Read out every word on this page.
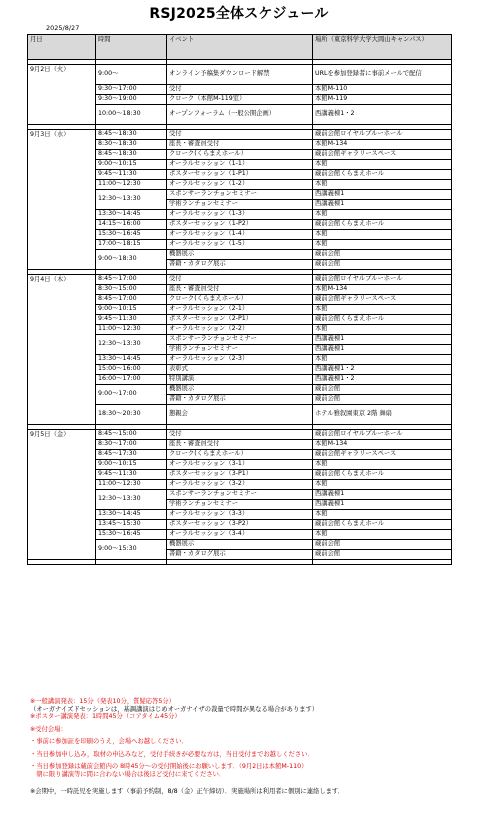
RSJ2025全体スケジュール
2025/8/27
月日	時間	イベント	場所（東京科学大学大岡山キャンパス）

9月2日（火）	9:00～	オンライン予稿集ダウンロード解禁	URLを参加登録者に事前メールで配信
	9:30～17:00	受付	本館M-110
	9:30～19:00	クローク（本館M-119室）	本館M-119
	10:00～18:30	オープンフォーラム（一般公開企画）	西講義棟1・2

9月3日（水）	8:45～18:30	受付	蔵前会館ロイヤルブルーホール
	8:30～18:30	座長・審査員受付	本館M-134
	8:45～18:30	クローク(くらまえホール）	蔵前会館ギャラリースペース
	9:00～10:15	オーラルセッション（1-1）	本館
	9:45～11:30	ポスターセッション（1-P1）	蔵前会館くらまえホール
	11:00～12:30	オーラルセッション（1-2）	本館
	12:30～13:30	スポンサーランチョンセミナー	西講義棟1
		学術ランチョンセミナー	西講義棟1
	13:30～14:45	オーラルセッション（1-3）	本館
	14:15～16:00	ポスターセッション（1-P2）	蔵前会館くらまえホール
	15:30～16:45	オーラルセッション（1-4）	本館
	17:00～18:15	オーラルセッション（1-5）	本館
	9:00～18:30	機器展示	蔵前会館
		書籍・カタログ展示	蔵前会館

9月4日（木）	8:45～17:00	受付	蔵前会館ロイヤルブルーホール
	8:30～15:00	座長・審査員受付	本館M-134
	8:45～17:00	クローク(くらまえホール）	蔵前会館ギャラリースペース
	9:00～10:15	オーラルセッション（2-1）	本館
	9:45～11:30	ポスターセッション（2-P1）	蔵前会館くらまえホール
	11:00～12:30	オーラルセッション（2-2）	本館
	12:30～13:30	スポンサーランチョンセミナー	西講義棟1
		学術ランチョンセミナー	西講義棟1
	13:30～14:45	オーラルセッション（2-3）	本館
	15:00～16:00	表彰式	西講義棟1・2
	16:00～17:00	特別講演	西講義棟1・2
	9:00～17:00	機器展示	蔵前会館
		書籍・カタログ展示	蔵前会館
	18:30～20:30	懇親会	ホテル雅叙園東京 2階 舞扇

9月5日（金）	8:45～15:00	受付	蔵前会館ロイヤルブルーホール
	8:30～17:00	座長・審査員受付	本館M-134
	8:45～17:30	クローク(くらまえホール）	蔵前会館ギャラリースペース
	9:00～10:15	オーラルセッション（3-1）	本館
	9:45～11:30	ポスターセッション（3-P1）	蔵前会館くらまえホール
	11:00～12:30	オーラルセッション（3-2）	本館
	12:30～13:30	スポンサーランチョンセミナー	西講義棟1
		学術ランチョンセミナー	西講義棟1
	13:30～14:45	オーラルセッション（3-3）	本館
	13:45～15:30	ポスターセッション（3-P2）	蔵前会館くらまえホール
	15:30～16:45	オーラルセッション（3-4）	本館
	9:00～15:30	機器展示	蔵前会館
		書籍・カタログ展示	蔵前会館

※一般講演発表：15分（発表10分，質疑応答5分）

（オーガナイズドセッションは，基調講演はじめオーガナイザの裁量で時間が異なる場合があります）

※ポスター講演発表：1時間45分（コアタイム45分）

※受付会場：

・事前に参加証を印刷のうえ，会場へお越しください．

・当日参加申し込み，取材の申込みなど，受付手続きが必要な方は，当日受付までお越しください．

・当日参加登録は蔵前会館内の 8時45分～の受付開始後にお願いします．（9月2日は本館M-110）

　朝に限り講演等に間に合わない場合は後ほど受付に来てください．

※会期中，一時託児を実施します（事前予約制，8/8（金）正午締切）．実施場所は利用者に個別に連絡します．
